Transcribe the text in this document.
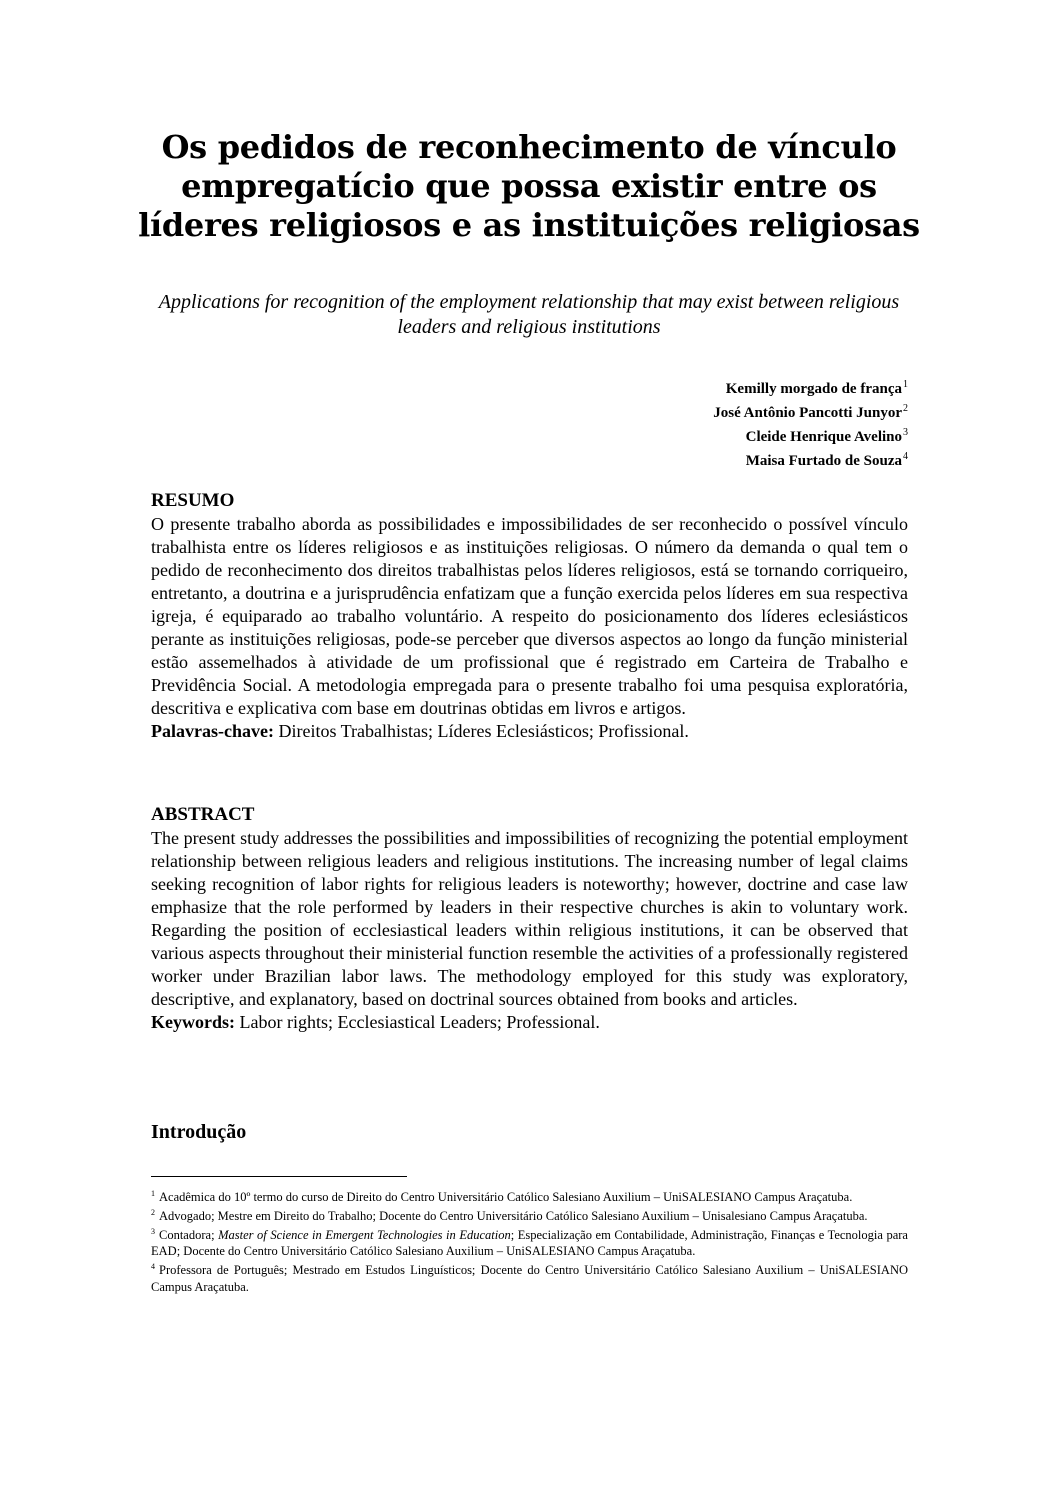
Os pedidos de reconhecimento de vínculo empregatício que possa existir entre os líderes religiosos e as instituições religiosas
Applications for recognition of the employment relationship that may exist between religious leaders and religious institutions
Kemilly morgado de frança$^1$
José Antônio Pancotti Junyor$^2$
Cleide Henrique Avelino$^3$
Maisa Furtado de Souza$^4$
RESUMO

O presente trabalho aborda as possibilidades e impossibilidades de ser reconhecido o possível vínculo trabalhista entre os líderes religiosos e as instituições religiosas. O número da demanda o qual tem o pedido de reconhecimento dos direitos trabalhistas pelos líderes religiosos, está se tornando corriqueiro, entretanto, a doutrina e a jurisprudência enfatizam que a função exercida pelos líderes em sua respectiva igreja, é equiparado ao trabalho voluntário. A respeito do posicionamento dos líderes eclesiásticos perante as instituições religiosas, pode-se perceber que diversos aspectos ao longo da função ministerial estão assemelhados à atividade de um profissional que é registrado em Carteira de Trabalho e Previdência Social. A metodologia empregada para o presente trabalho foi uma pesquisa exploratória, descritiva e explicativa com base em doutrinas obtidas em livros e artigos.

Palavras-chave: Direitos Trabalhistas; Líderes Eclesiásticos; Profissional.

ABSTRACT

The present study addresses the possibilities and impossibilities of recognizing the potential employment relationship between religious leaders and religious institutions. The increasing number of legal claims seeking recognition of labor rights for religious leaders is noteworthy; however, doctrine and case law emphasize that the role performed by leaders in their respective churches is akin to voluntary work. Regarding the position of ecclesiastical leaders within religious institutions, it can be observed that various aspects throughout their ministerial function resemble the activities of a professionally registered worker under Brazilian labor laws. The methodology employed for this study was exploratory, descriptive, and explanatory, based on doctrinal sources obtained from books and articles.

Keywords: Labor rights; Ecclesiastical Leaders; Professional.

Introdução

$^1$ Acadêmica do 10º termo do curso de Direito do Centro Universitário Católico Salesiano Auxilium – UniSALESIANO Campus Araçatuba.

$^2$ Advogado; Mestre em Direito do Trabalho; Docente do Centro Universitário Católico Salesiano Auxilium – Unisalesiano Campus Araçatuba.

$^3$ Contadora; Master of Science in Emergent Technologies in Education; Especialização em Contabilidade, Administração, Finanças e Tecnologia para EAD; Docente do Centro Universitário Católico Salesiano Auxilium – UniSALESIANO Campus Araçatuba.

$^4$ Professora de Português; Mestrado em Estudos Linguísticos; Docente do Centro Universitário Católico Salesiano Auxilium – UniSALESIANO Campus Araçatuba.
